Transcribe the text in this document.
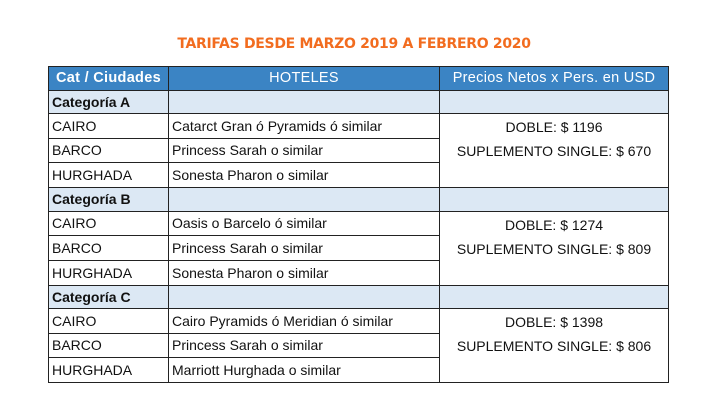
TARIFAS DESDE MARZO 2019 A FEBRERO 2020
Cat / Ciudades	HOTELES	Precios Netos x Pers. en USD
Categoría A		
CAIRO	Catarct Gran ó Pyramids ó similar	DOBLE: $ 1196
SUPLEMENTO SINGLE: $ 670

BARCO	Princess Sarah o similar	
HURGHADA	Sonesta Pharon o similar	
Categoría B		
CAIRO	Oasis o Barcelo ó similar	DOBLE: $ 1274
SUPLEMENTO SINGLE: $ 809

BARCO	Princess Sarah o similar	
HURGHADA	Sonesta Pharon o similar	
Categoría C		
CAIRO	Cairo Pyramids ó Meridian ó similar	DOBLE: $ 1398
SUPLEMENTO SINGLE: $ 806

BARCO	Princess Sarah o similar	
HURGHADA	Marriott Hurghada o similar	
